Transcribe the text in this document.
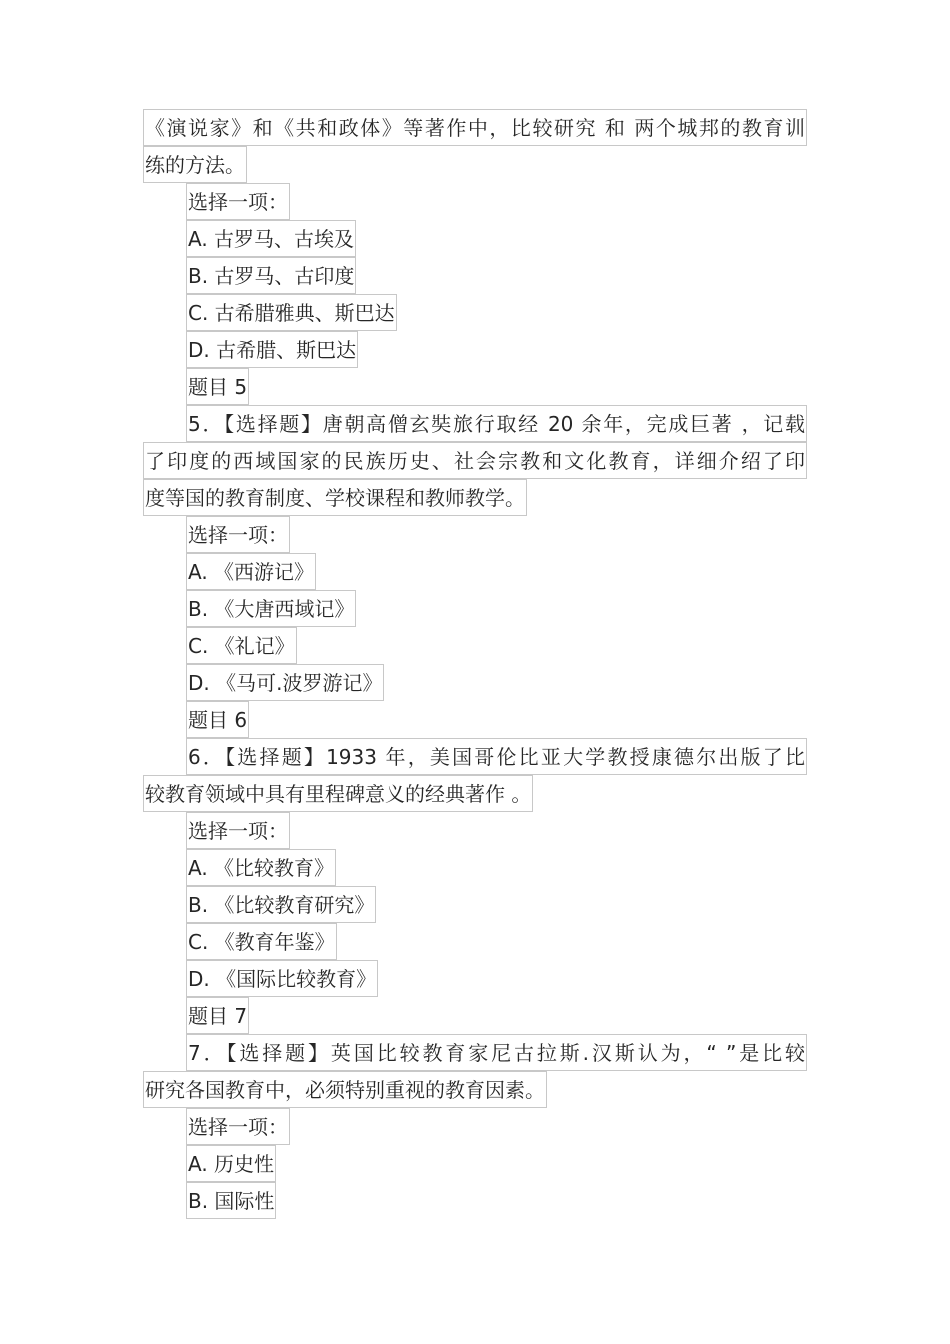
《演说家》和《共和政体》等著作中，比较研究 和 两个城邦的教育训
练的方法。
选择一项：
A. 古罗马、古埃及
B. 古罗马、古印度
C. 古希腊雅典、斯巴达
D. 古希腊、斯巴达
题目 5
5．【选择题】唐朝高僧玄奘旅行取经 20 余年，完成巨著 ，记载
了印度的西域国家的民族历史、社会宗教和文化教育，详细介绍了印
度等国的教育制度、学校课程和教师教学。
选择一项：
A. 《西游记》
B. 《大唐西域记》
C. 《礼记》
D. 《马可.波罗游记》
题目 6
6．【选择题】1933 年，美国哥伦比亚大学教授康德尔出版了比
较教育领域中具有里程碑意义的经典著作 。
选择一项：
A. 《比较教育》
B. 《比较教育研究》
C. 《教育年鉴》
D. 《国际比较教育》
题目 7
7．【选择题】英国比较教育家尼古拉斯.汉斯认为，“ ”是比较
研究各国教育中，必须特别重视的教育因素。
选择一项：
A. 历史性
B. 国际性
